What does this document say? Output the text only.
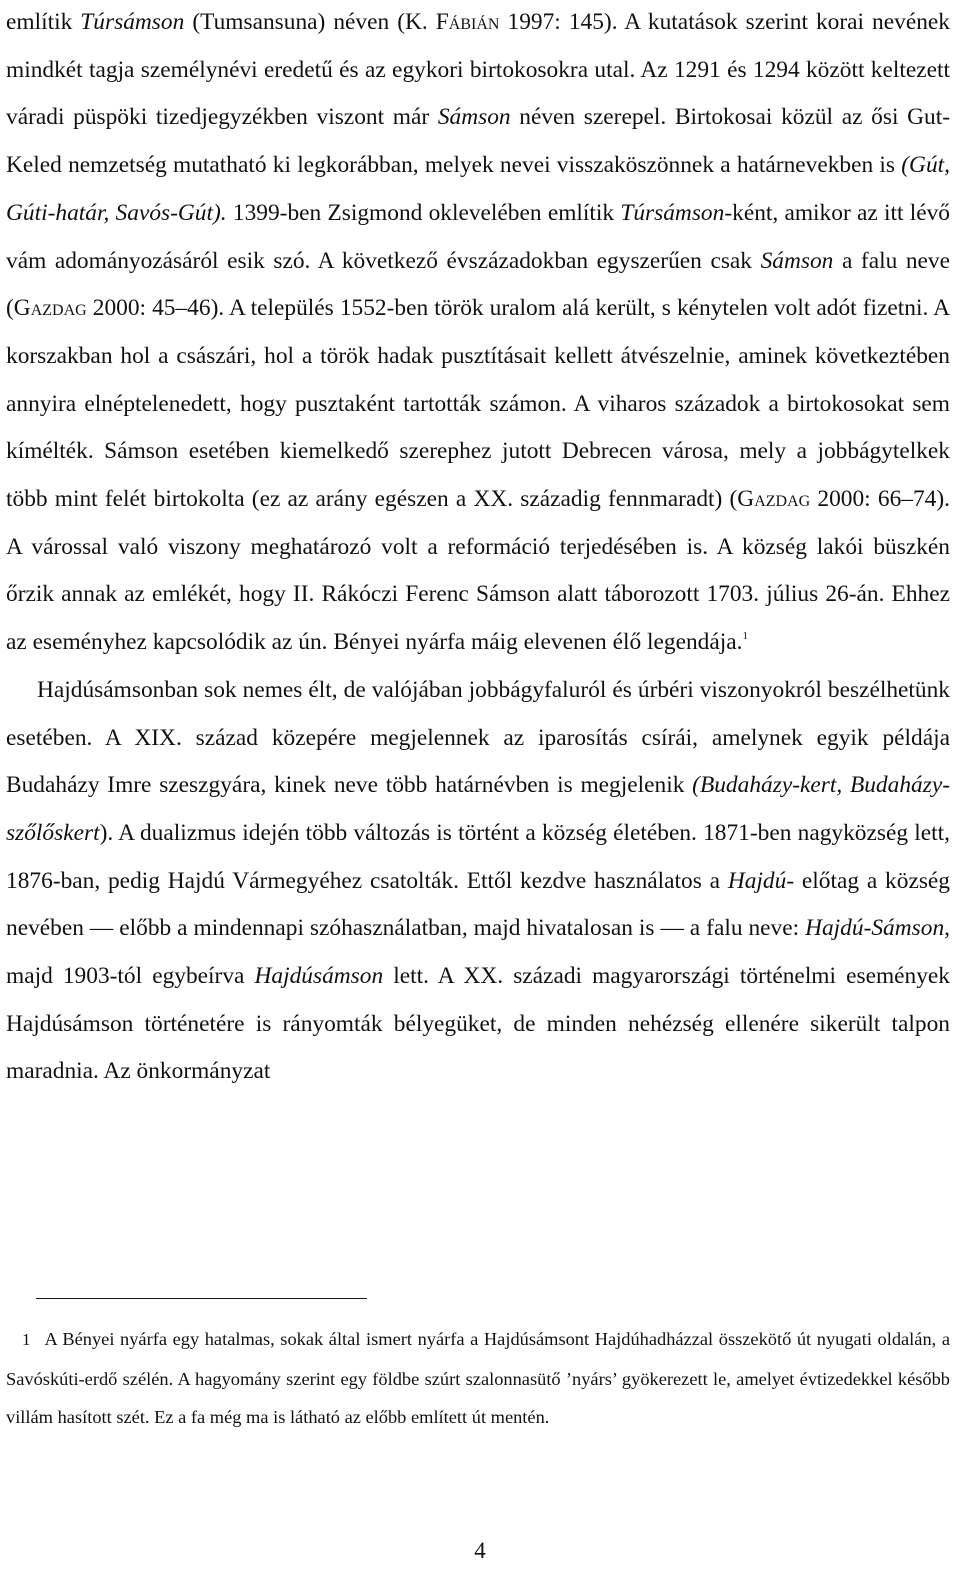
említik Túrsámson (Tumsansuna) néven (K. Fábián 1997: 145). A kutatások szerint korai nevének mindkét tagja személynévi eredetű és az egykori birtokosokra utal. Az 1291 és 1294 között keltezett váradi püspöki tizedjegyzékben viszont már Sámson néven szerepel. Birtokosai közül az ősi Gut-Keled nemzetség mutatható ki legkorábban, melyek nevei visszaköszönnek a határnevekben is (Gút, Gúti-határ, Savós-Gút). 1399-ben Zsigmond oklevelében említik Túrsámson-ként, amikor az itt lévő vám adományozásáról esik szó. A következő évszázadokban egyszerűen csak Sámson a falu neve (Gazdag 2000: 45–46). A település 1552-ben török uralom alá került, s kénytelen volt adót fizetni. A korszakban hol a császári, hol a török hadak pusztításait kellett átvészelnie, aminek következtében annyira elnéptelenedett, hogy pusztaként tartották számon. A viharos századok a birtokosokat sem kímélték. Sámson esetében kiemelkedő szerephez jutott Debrecen városa, mely a jobbágytelkek több mint felét birtokolta (ez az arány egészen a XX. századig fennmaradt) (Gazdag 2000: 66–74). A várossal való viszony meghatározó volt a reformáció terjedésében is. A község lakói büszkén őrzik annak az emlékét, hogy II. Rákóczi Ferenc Sámson alatt táborozott 1703. július 26-án. Ehhez az eseményhez kapcsolódik az ún. Bényei nyárfa máig elevenen élő legendája.$^1$

Hajdúsámsonban sok nemes élt, de valójában jobbágyfaluról és úrbéri viszonyokról beszélhetünk esetében. A XIX. század közepére megjelennek az iparosítás csírái, amelynek egyik példája Budaházy Imre szeszgyára, kinek neve több határnévben is megjelenik (Budaházy-kert, Budaházy-szőlőskert). A dualizmus idején több változás is történt a község életében. 1871-ben nagyközség lett, 1876-ban, pedig Hajdú Vármegyéhez csatolták. Ettől kezdve használatos a Hajdú- előtag a község nevében — előbb a mindennapi szóhasználatban, majd hivatalosan is — a falu neve: Hajdú-Sámson, majd 1903-tól egybeírva Hajdúsámson lett. A XX. századi magyarországi történelmi események Hajdúsámson történetére is rányomták bélyegüket, de minden nehézség ellenére sikerült talpon maradnia. Az önkormányzat

1 A Bényei nyárfa egy hatalmas, sokak által ismert nyárfa a Hajdúsámsont Hajdúhadházzal összekötő út nyugati oldalán, a Savóskúti-erdő szélén. A hagyomány szerint egy földbe szúrt szalonnasütő ’nyárs’ gyökerezett le, amelyet évtizedekkel később villám hasított szét. Ez a fa még ma is látható az előbb említett út mentén.

4
